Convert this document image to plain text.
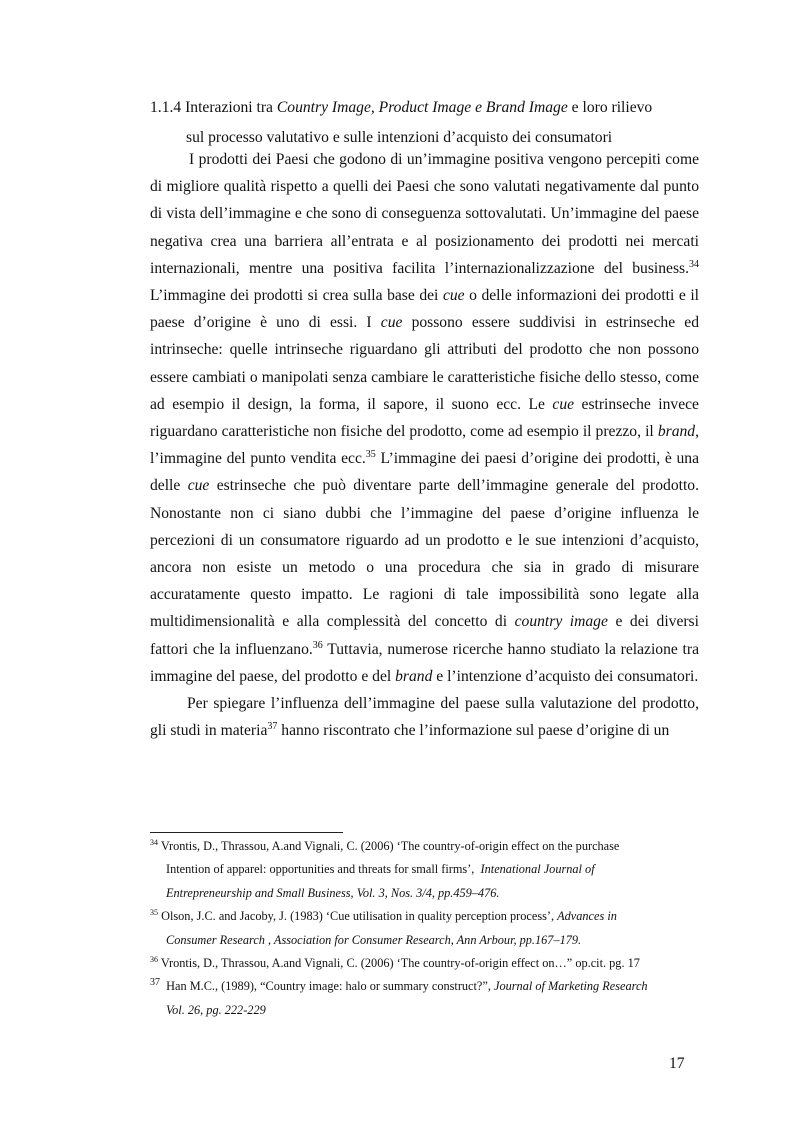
1.1.4 Interazioni tra Country Image, Product Image e Brand Image e loro rilievo
sul processo valutativo e sulle intenzioni d’acquisto dei consumatori

I prodotti dei Paesi che godono di un’immagine positiva vengono percepiti come di migliore qualità rispetto a quelli dei Paesi che sono valutati negativamente dal punto di vista dell’immagine e che sono di conseguenza sottovalutati. Un’immagine del paese negativa crea una barriera all’entrata e al posizionamento dei prodotti nei mercati internazionali, mentre una positiva facilita l’internazionalizzazione del business.$^{34}$ L’immagine dei prodotti si crea sulla base dei cue o delle informazioni dei prodotti e il paese d’origine è uno di essi. I cue possono essere suddivisi in estrinseche ed intrinseche: quelle intrinseche riguardano gli attributi del prodotto che non possono essere cambiati o manipolati senza cambiare le caratteristiche fisiche dello stesso, come ad esempio il design, la forma, il sapore, il suono ecc. Le cue estrinseche invece riguardano caratteristiche non fisiche del prodotto, come ad esempio il prezzo, il brand, l’immagine del punto vendita ecc.$^{35}$ L’immagine dei paesi d’origine dei prodotti, è una delle cue estrinseche che può diventare parte dell’immagine generale del prodotto. Nonostante non ci siano dubbi che l’immagine del paese d’origine influenza le percezioni di un consumatore riguardo ad un prodotto e le sue intenzioni d’acquisto, ancora non esiste un metodo o una procedura che sia in grado di misurare accuratamente questo impatto. Le ragioni di tale impossibilità sono legate alla multidimensionalità e alla complessità del concetto di country image e dei diversi fattori che la influenzano.$^{36}$ Tuttavia, numerose ricerche hanno studiato la relazione tra immagine del paese, del prodotto e del brand e l’intenzione d’acquisto dei consumatori.

Per spiegare l’influenza dell’immagine del paese sulla valutazione del prodotto, gli studi in materia$^{37}$ hanno riscontrato che l’informazione sul paese d’origine di un

$^{34}$ Vrontis, D., Thrassou, A.and Vignali, C. (2006) ‘The country-of-origin effect on the purchase
Intention of apparel: opportunities and threats for small firms’, Intenational Journal of
Entrepreneurship and Small Business, Vol. 3, Nos. 3/4, pp.459–476.
$^{35}$ Olson, J.C. and Jacoby, J. (1983) ‘Cue utilisation in quality perception process’, Advances in
Consumer Research , Association for Consumer Research, Ann Arbour, pp.167–179.
$^{36}$ Vrontis, D., Thrassou, A.and Vignali, C. (2006) ‘The country-of-origin effect on…” op.cit. pg. 17
$^{37}$ Han M.C., (1989), “Country image: halo or summary construct?”, Journal of Marketing Research
Vol. 26, pg. 222-229
17
